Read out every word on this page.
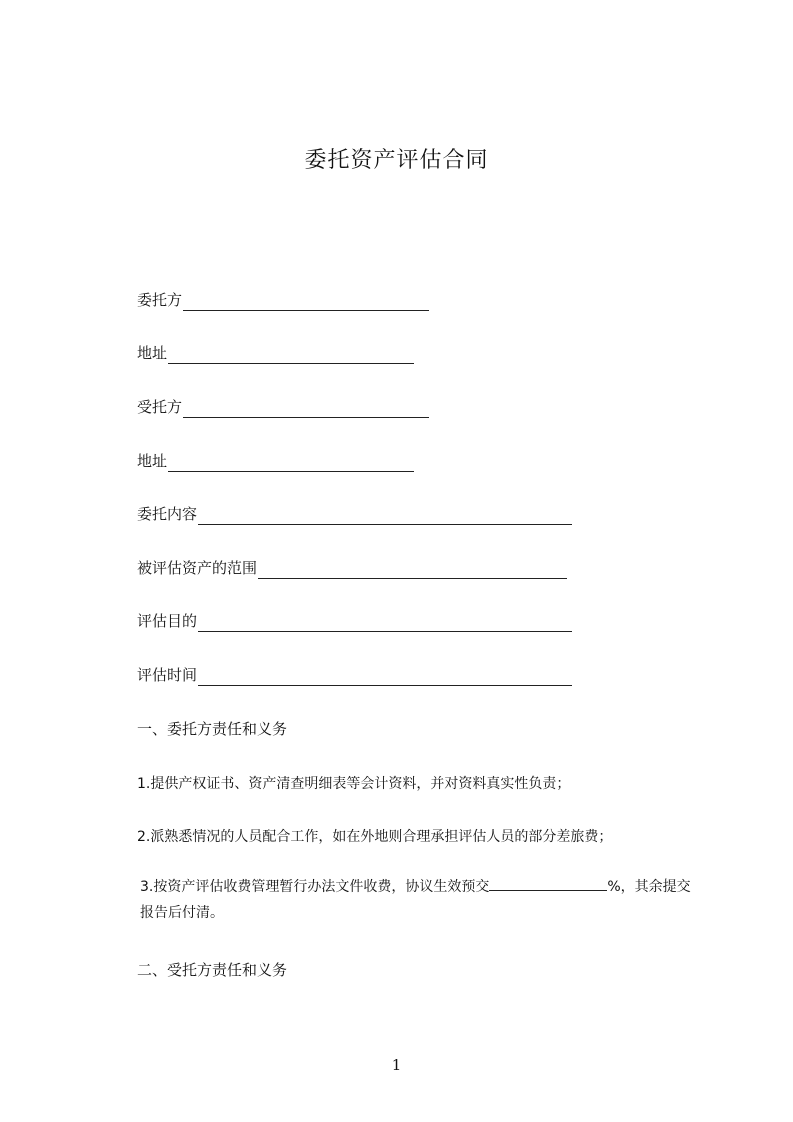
委托资产评估合同
委托方
地址
受托方
地址
委托内容
被评估资产的范围
评估目的
评估时间
一、委托方责任和义务
1.提供产权证书、资产清查明细表等会计资料，并对资料真实性负责；
2.派熟悉情况的人员配合工作，如在外地则合理承担评估人员的部分差旅费；
3.按资产评估收费管理暂行办法文件收费，协议生效预交	%，其余提交报告后付清。
二、受托方责任和义务
1
